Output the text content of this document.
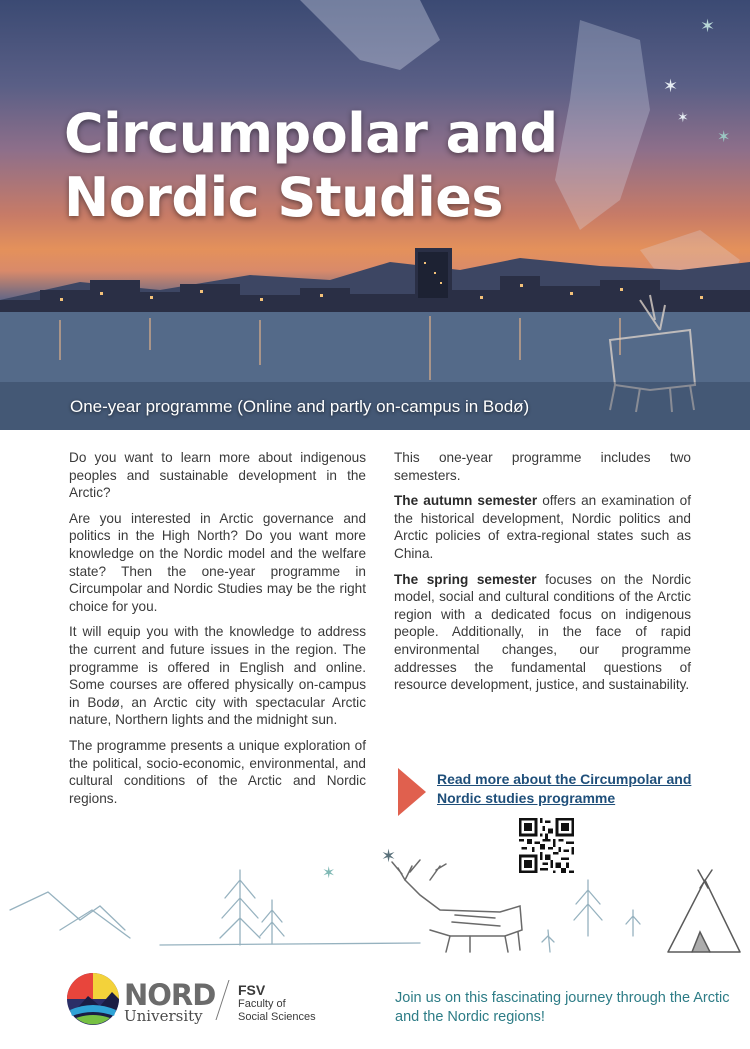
✶
✶
✶
✶
Circumpolar and
Nordic Studies
One-year programme (Online and partly on-campus in Bodø)

Do you want to learn more about indigenous peoples and sustainable development in the Arctic?

Are you interested in Arctic governance and politics in the High North? Do you want more knowledge on the Nordic model and the welfare state? Then the one-year programme in Circumpolar and Nordic Studies may be the right choice for you.

It will equip you with the knowledge to address the current and future issues in the region. The programme is offered in English and online. Some courses are offered physically on-campus in Bodø, an Arctic city with spectacular Arctic nature, Northern lights and the midnight sun.

The programme presents a unique exploration of the political, socio-economic, environmental, and cultural conditions of the Arctic and Nordic regions.

This one-year programme includes two semesters.

The autumn semester offers an examination of the historical development, Nordic politics and Arctic policies of extra-regional states such as China.

The spring semester focuses on the Nordic model, social and cultural conditions of the Arctic region with a dedicated focus on indigenous people. Additionally, in the face of rapid environmental changes, our programme addresses the fundamental questions of resource development, justice, and sustainability.

Read more about the Circumpolar and Nordic studies programme
✶
✶
NORD
University
FSV
Faculty of
Social Sciences
Join us on this fascinating journey through the Arctic and the Nordic regions!
